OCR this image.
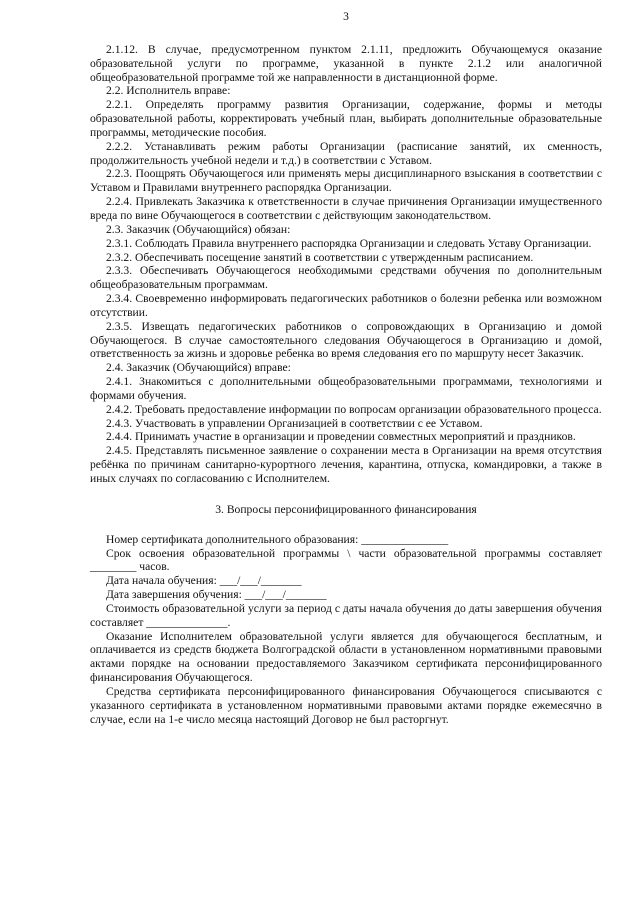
3

2.1.12. В случае, предусмотренном пунктом 2.1.11, предложить Обучающемуся оказание образовательной услуги по программе, указанной в пункте 2.1.2 или аналогичной общеобразовательной программе той же направленности в дистанционной форме.

2.2. Исполнитель вправе:

2.2.1. Определять программу развития Организации, содержание, формы и методы образовательной работы, корректировать учебный план, выбирать дополнительные образовательные программы, методические пособия.

2.2.2. Устанавливать режим работы Организации (расписание занятий, их сменность, продолжительность учебной недели и т.д.) в соответствии с Уставом.

2.2.3. Поощрять Обучающегося или применять меры дисциплинарного взыскания в соответствии с Уставом и Правилами внутреннего распорядка Организации.

2.2.4. Привлекать Заказчика к ответственности в случае причинения Организации имущественного вреда по вине Обучающегося в соответствии с действующим законодательством.

2.3. Заказчик (Обучающийся) обязан:

2.3.1. Соблюдать Правила внутреннего распорядка Организации и следовать Уставу Организации.

2.3.2. Обеспечивать посещение занятий в соответствии с утвержденным расписанием.

2.3.3. Обеспечивать Обучающегося необходимыми средствами обучения по дополнительным общеобразовательным программам.

2.3.4. Своевременно информировать педагогических работников о болезни ребенка или возможном отсутствии.

2.3.5. Извещать педагогических работников о сопровождающих в Организацию и домой Обучающегося. В случае самостоятельного следования Обучающегося в Организацию и домой, ответственность за жизнь и здоровье ребенка во время следования его по маршруту несет Заказчик.

2.4. Заказчик (Обучающийся) вправе:

2.4.1. Знакомиться с дополнительными общеобразовательными программами, технологиями и формами обучения.

2.4.2. Требовать предоставление информации по вопросам организации образовательного процесса.

2.4.3. Участвовать в управлении Организацией в соответствии с ее Уставом.

2.4.4. Принимать участие в организации и проведении совместных мероприятий и праздников.

2.4.5. Представлять письменное заявление о сохранении места в Организации на время отсутствия ребёнка по причинам санитарно-курортного лечения, карантина, отпуска, командировки, а также в иных случаях по согласованию с Исполнителем.

3. Вопросы персонифицированного финансирования

Номер сертификата дополнительного образования: _______________

Срок освоения образовательной программы \ части образовательной программы составляет ________ часов.

Дата начала обучения: ___/___/_______

Дата завершения обучения: ___/___/_______

Стоимость образовательной услуги за период с даты начала обучения до даты завершения обучения составляет ______________.

Оказание Исполнителем образовательной услуги является для обучающегося бесплатным, и оплачивается из средств бюджета Волгоградской области в установленном нормативными правовыми актами порядке на основании предоставляемого Заказчиком сертификата персонифицированного финансирования Обучающегося.

Средства сертификата персонифицированного финансирования Обучающегося списываются с указанного сертификата в установленном нормативными правовыми актами порядке ежемесячно в случае, если на 1-е число месяца настоящий Договор не был расторгнут.
